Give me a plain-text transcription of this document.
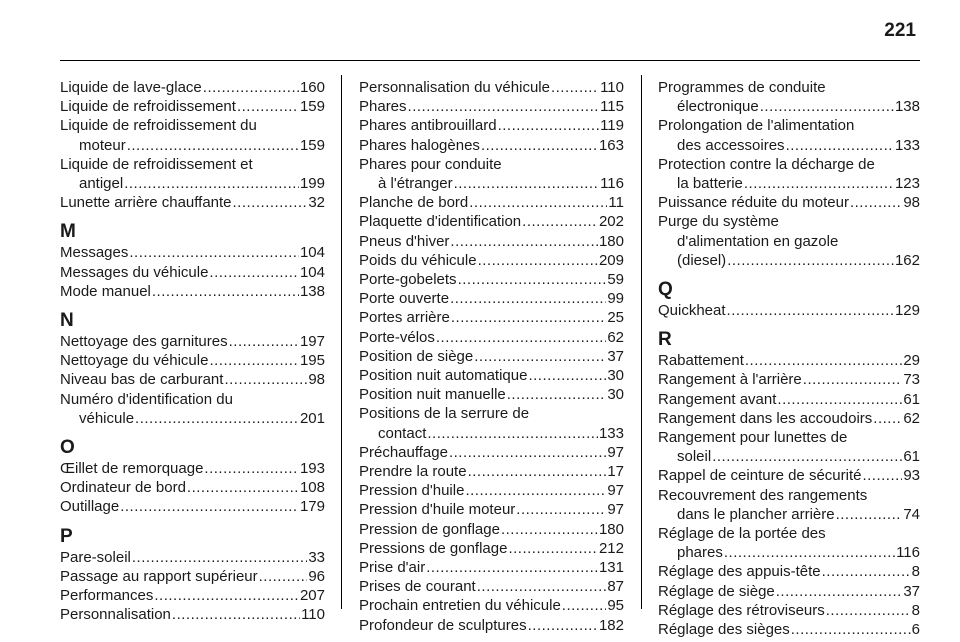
221
Liquide de lave-glace .....	160
Liquide de refroidissement .....	159
Liquide de refroidissement du
moteur .....	159
Liquide de refroidissement et
antigel .....	199
Lunette arrière chauffante .....	32
M
Messages .....	104
Messages du véhicule .....	104
Mode manuel .....	138
N
Nettoyage des garnitures .....	197
Nettoyage du véhicule .....	195
Niveau bas de carburant .....	98
Numéro d'identification du
véhicule .....	201
O
Œillet de remorquage .....	193
Ordinateur de bord .....	108
Outillage .....	179
P
Pare-soleil .....	33
Passage au rapport supérieur .....	96
Performances .....	207
Personnalisation .....	110
Personnalisation du véhicule .....	110
Phares .....	115
Phares antibrouillard .....	119
Phares halogènes .....	163
Phares pour conduite
à l'étranger .....	116
Planche de bord .....	11
Plaquette d'identification .....	202
Pneus d'hiver .....	180
Poids du véhicule .....	209
Porte-gobelets .....	59
Porte ouverte .....	99
Portes arrière .....	25
Porte-vélos .....	62
Position de siège .....	37
Position nuit automatique .....	30
Position nuit manuelle .....	30
Positions de la serrure de
contact .....	133
Préchauffage .....	97
Prendre la route .....	17
Pression d'huile .....	97
Pression d'huile moteur .....	97
Pression de gonflage .....	180
Pressions de gonflage .....	212
Prise d'air .....	131
Prises de courant .....	87
Prochain entretien du véhicule .....	95
Profondeur de sculptures .....	182
Programmes de conduite
électronique .....	138
Prolongation de l'alimentation
des accessoires .....	133
Protection contre la décharge de
la batterie .....	123
Puissance réduite du moteur .....	98
Purge du système
d'alimentation en gazole
(diesel) .....	162
Q
Quickheat .....	129
R
Rabattement .....	29
Rangement à l'arrière .....	73
Rangement avant .....	61
Rangement dans les accoudoirs ..... 62
Rangement pour lunettes de
soleil .....	61
Rappel de ceinture de sécurité .....	93
Recouvrement des rangements
dans le plancher arrière .....	74
Réglage de la portée des
phares .....	116
Réglage des appuis-tête .....	8
Réglage de siège .....	37
Réglage des rétroviseurs .....	8
Réglage des sièges .....	6
